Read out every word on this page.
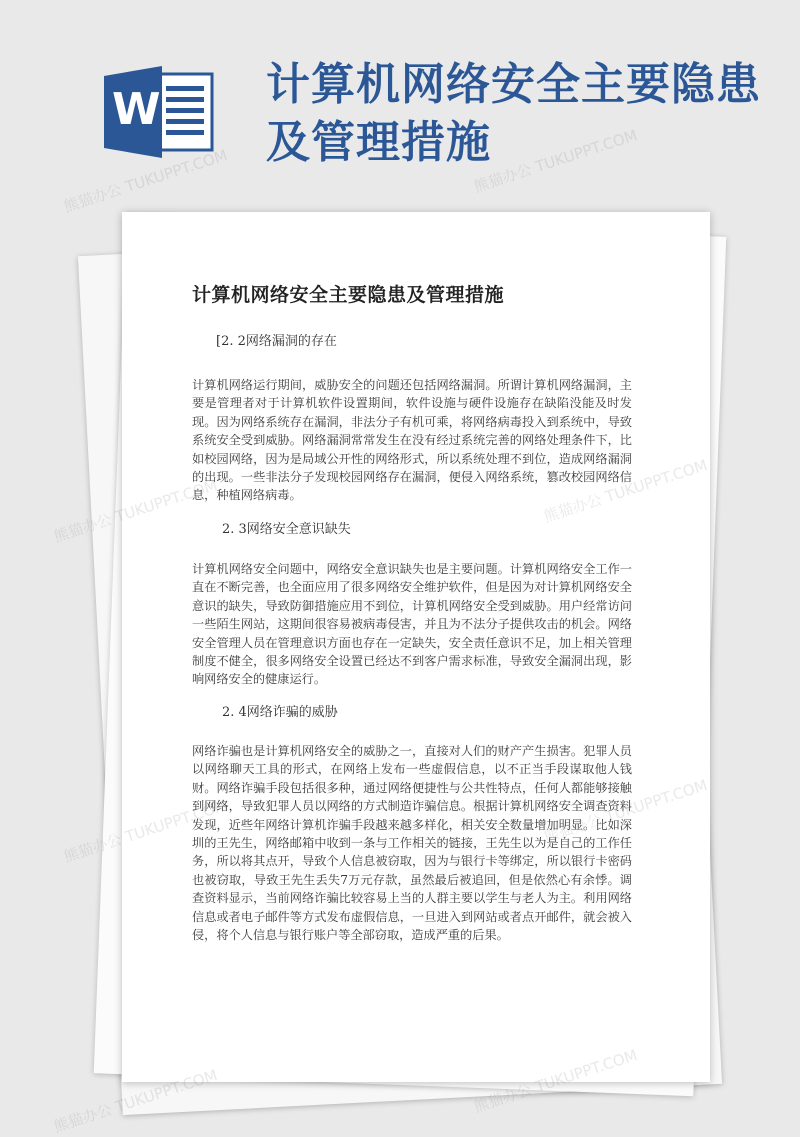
W 计算机网络安全主要隐患及管理措施
计算机网络安全主要隐患及管理措施
[2. 2网络漏洞的存在

计算机网络运行期间，威胁安全的问题还包括网络漏洞。所谓计算机网络漏洞，主要是管理者对于计算机软件设置期间，软件设施与硬件设施存在缺陷没能及时发现。因为网络系统存在漏洞，非法分子有机可乘，将网络病毒投入到系统中，导致系统安全受到威胁。网络漏洞常常发生在没有经过系统完善的网络处理条件下，比如校园网络，因为是局域公开性的网络形式，所以系统处理不到位，造成网络漏洞的出现。一些非法分子发现校园网络存在漏洞，便侵入网络系统，篡改校园网络信息，种植网络病毒。

2. 3网络安全意识缺失

计算机网络安全问题中，网络安全意识缺失也是主要问题。计算机网络安全工作一直在不断完善，也全面应用了很多网络安全维护软件，但是因为对计算机网络安全意识的缺失，导致防御措施应用不到位，计算机网络安全受到威胁。用户经常访问一些陌生网站，这期间很容易被病毒侵害，并且为不法分子提供攻击的机会。网络安全管理人员在管理意识方面也存在一定缺失，安全责任意识不足，加上相关管理制度不健全，很多网络安全设置已经达不到客户需求标准，导致安全漏洞出现，影响网络安全的健康运行。

2. 4网络诈骗的威胁

网络诈骗也是计算机网络安全的威胁之一，直接对人们的财产产生损害。犯罪人员以网络聊天工具的形式，在网络上发布一些虚假信息，以不正当手段谋取他人钱财。网络诈骗手段包括很多种，通过网络便捷性与公共性特点，任何人都能够接触到网络，导致犯罪人员以网络的方式制造诈骗信息。根据计算机网络安全调查资料发现，近些年网络计算机诈骗手段越来越多样化，相关安全数量增加明显。比如深圳的王先生，网络邮箱中收到一条与工作相关的链接，王先生以为是自己的工作任务，所以将其点开，导致个人信息被窃取，因为与银行卡等绑定，所以银行卡密码也被窃取，导致王先生丢失7万元存款，虽然最后被追回，但是依然心有余悸。调查资料显示，当前网络诈骗比较容易上当的人群主要以学生与老人为主。利用网络信息或者电子邮件等方式发布虚假信息，一旦进入到网站或者点开邮件，就会被入侵，将个人信息与银行账户等全部窃取，造成严重的后果。

熊猫办公 TUKUPPT.COM	熊猫办公 TUKUPPT.COM
熊猫办公
熊猫办公
熊猫办公
